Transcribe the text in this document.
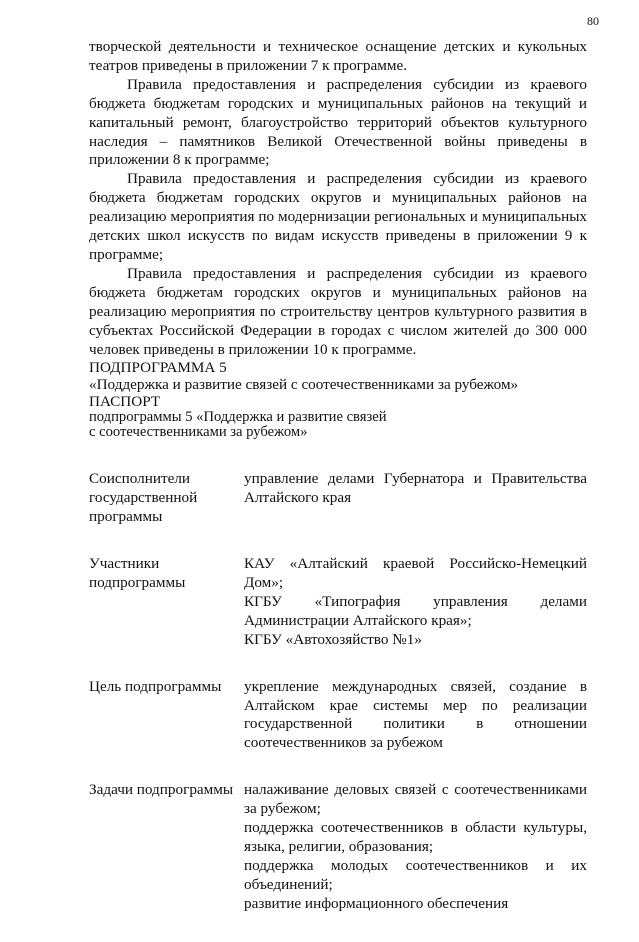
80

творческой деятельности и техническое оснащение детских и кукольных театров приведены в приложении 7 к программе.

Правила предоставления и распределения субсидии из краевого бюджета бюджетам городских и муниципальных районов на текущий и капитальный ремонт, благоустройство территорий объектов культурного наследия – памятников Великой Отечественной войны приведены в приложении 8 к программе;

Правила предоставления и распределения субсидии из краевого бюджета бюджетам городских округов и муниципальных районов на реализацию мероприятия по модернизации региональных и муниципальных детских школ искусств по видам искусств приведены в приложении 9 к программе;

Правила предоставления и распределения субсидии из краевого бюджета бюджетам городских округов и муниципальных районов на реализацию мероприятия по строительству центров культурного развития в субъектах Российской Федерации в городах с числом жителей до 300 000 человек приведены в приложении 10 к программе.

ПОДПРОГРАММА 5

«Поддержка и развитие связей с соотечественниками за рубежом»

ПАСПОРТ

подпрограммы 5 «Поддержка и развитие связей

с соотечественниками за рубежом»

Соисполнители государственной программы
управление делами Губернатора и Правительства Алтайского края
Участники подпрограммы
КАУ «Алтайский краевой Российско-Немецкий Дом»;
КГБУ «Типография управления делами Администрации Алтайского края»;
КГБУ «Автохозяйство №1»
Цель подпрограммы	укрепление международных связей, создание в Алтайском крае системы мер по реализации государственной политики в отношении соотечественников за рубежом
Задачи подпрограммы налаживание деловых связей с соотечественниками за рубежом;
поддержка соотечественников в области культуры, языка, религии, образования;
поддержка молодых соотечественников и их объединений;
развитие информационного обеспечения
